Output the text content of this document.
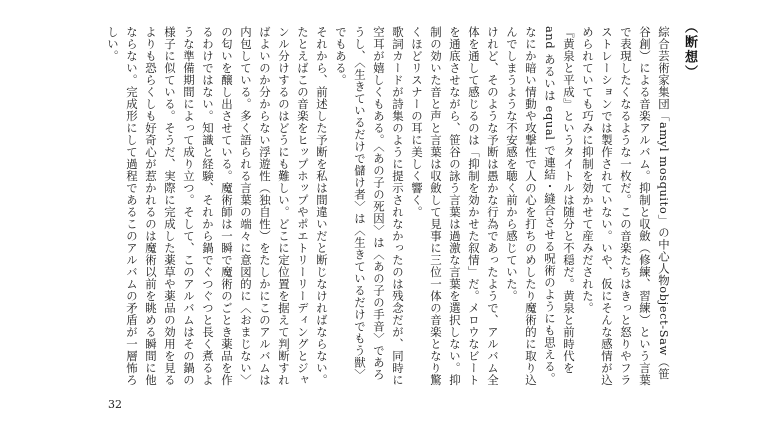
（断想）

綜合芸術家集団「amyl mosquito」の中心人物object-Saw（笹谷創）による音楽アルバム。抑制と収斂（修練、習練）という言葉で表現したくなるような一枚だ。この音楽たちはきっと怒りやフラストレーションでは製作されていない。いや、仮にそんな感情が込められていても巧みに抑制を効かせて産みだされた。

『黄泉と平成』というタイトルは随分と不穏だ。黄泉と前時代を and あるいは equal で連結・縫合させる呪術のようにも思える。なにか暗い情動や攻撃性で人の心を打ちのめしたり魔術的に取り込んでしまうような不安感を聴く前から感じていた。

けれど、そのような予断は愚かな行為であったようで、アルバム全体を通して感じるのは「抑制を効かせた叙情」だ。メロウなビートを通底させながら、笹谷の詠う言葉は過激な言葉を選択しない。抑制の効いた音と声と言葉は収斂して見事に三位一体の音楽となり驚くほどリスナーの耳に美しく響く。

歌詞カードが詩集のように提示されなかったのは残念だが、同時に空耳が嬉しくもある。〈あの子の死因〉は〈あの子の手音〉であろうし、〈生きているだけで儲け者〉は〈生きているだけでもう獣〉でもある。

それから、前述した予断を私は間違いだと断じなければならない。たとえばこの音楽をヒップホップやポエトリーリーディングとジャンル分けするのはどうにも難しい。どこに定位置を据えて判断すればよいのか分からない浮遊性（独自性）をたしかにこのアルバムは内包している。多く語られる言葉の端々に意図的に〈おまじない〉の匂いを醸し出させている。魔術師は一瞬で魔術のごとき薬品を作るわけではない。知識と経験、それから鍋でぐつぐつと長く煮るような準備期間によって成り立つ。そして、このアルバムはその鍋の様子に似ている。そうだ、実際に完成した薬草や薬品の効用を見るよりも恐らくしも好奇心が惹かれるのは魔術以前を眺める瞬間に他ならない。完成形にして過程であるこのアルバムの矛盾が一層怖ろしい。

32
